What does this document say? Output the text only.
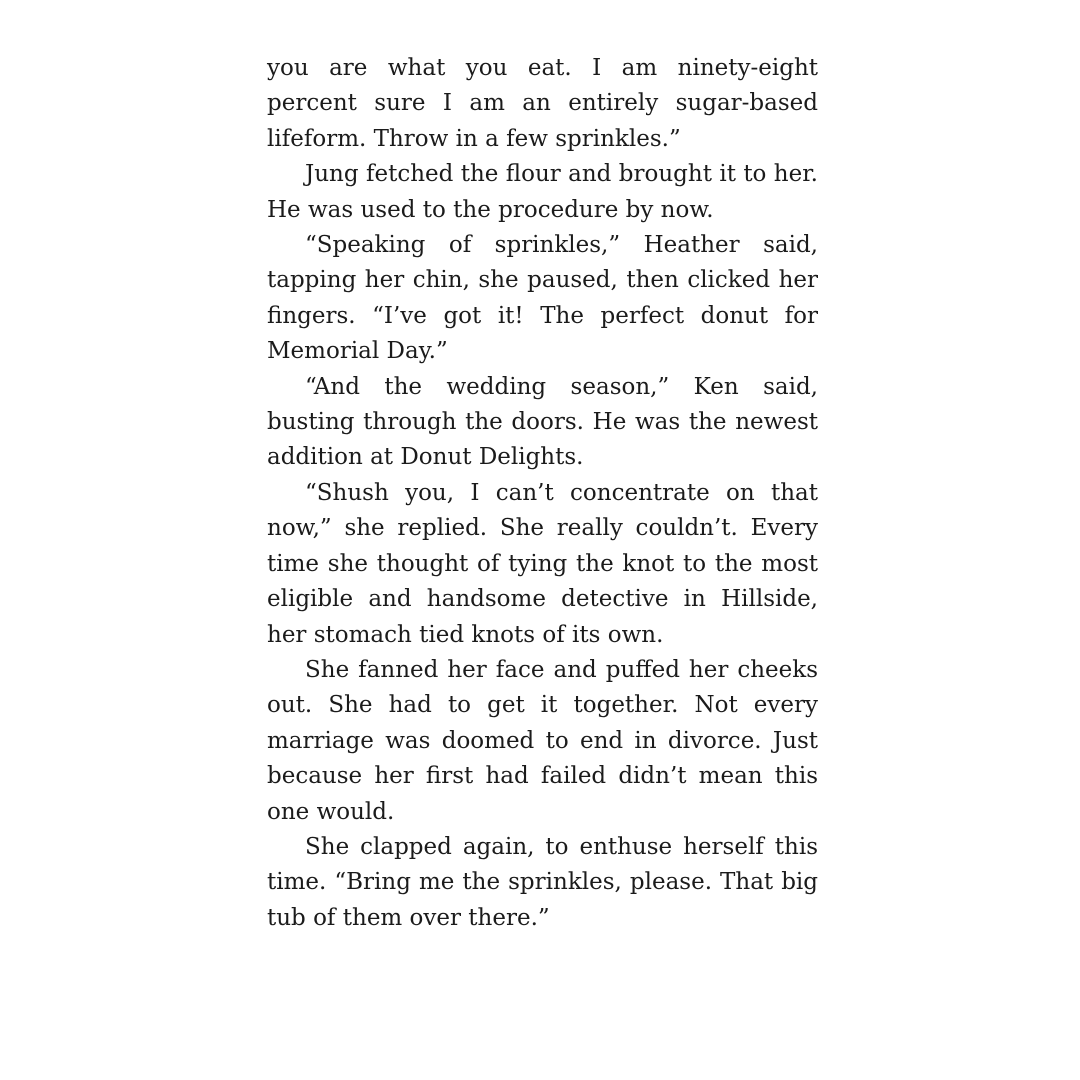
you are what you eat. I am ninety-eight percent sure I am an entirely sugar-based lifeform. Throw in a few sprinkles.”

Jung fetched the flour and brought it to her. He was used to the procedure by now.

“Speaking of sprinkles,” Heather said, tapping her chin, she paused, then clicked her fingers. “I’ve got it! The perfect donut for Memorial Day.”

“And the wedding season,” Ken said, busting through the doors. He was the newest addition at Donut Delights.

“Shush you, I can’t concentrate on that now,” she replied. She really couldn’t. Every time she thought of tying the knot to the most eligible and handsome detective in Hillside, her stomach tied knots of its own.

She fanned her face and puffed her cheeks out. She had to get it together. Not every marriage was doomed to end in divorce. Just because her first had failed didn’t mean this one would.

She clapped again, to enthuse herself this time. “Bring me the sprinkles, please. That big tub of them over there.”
